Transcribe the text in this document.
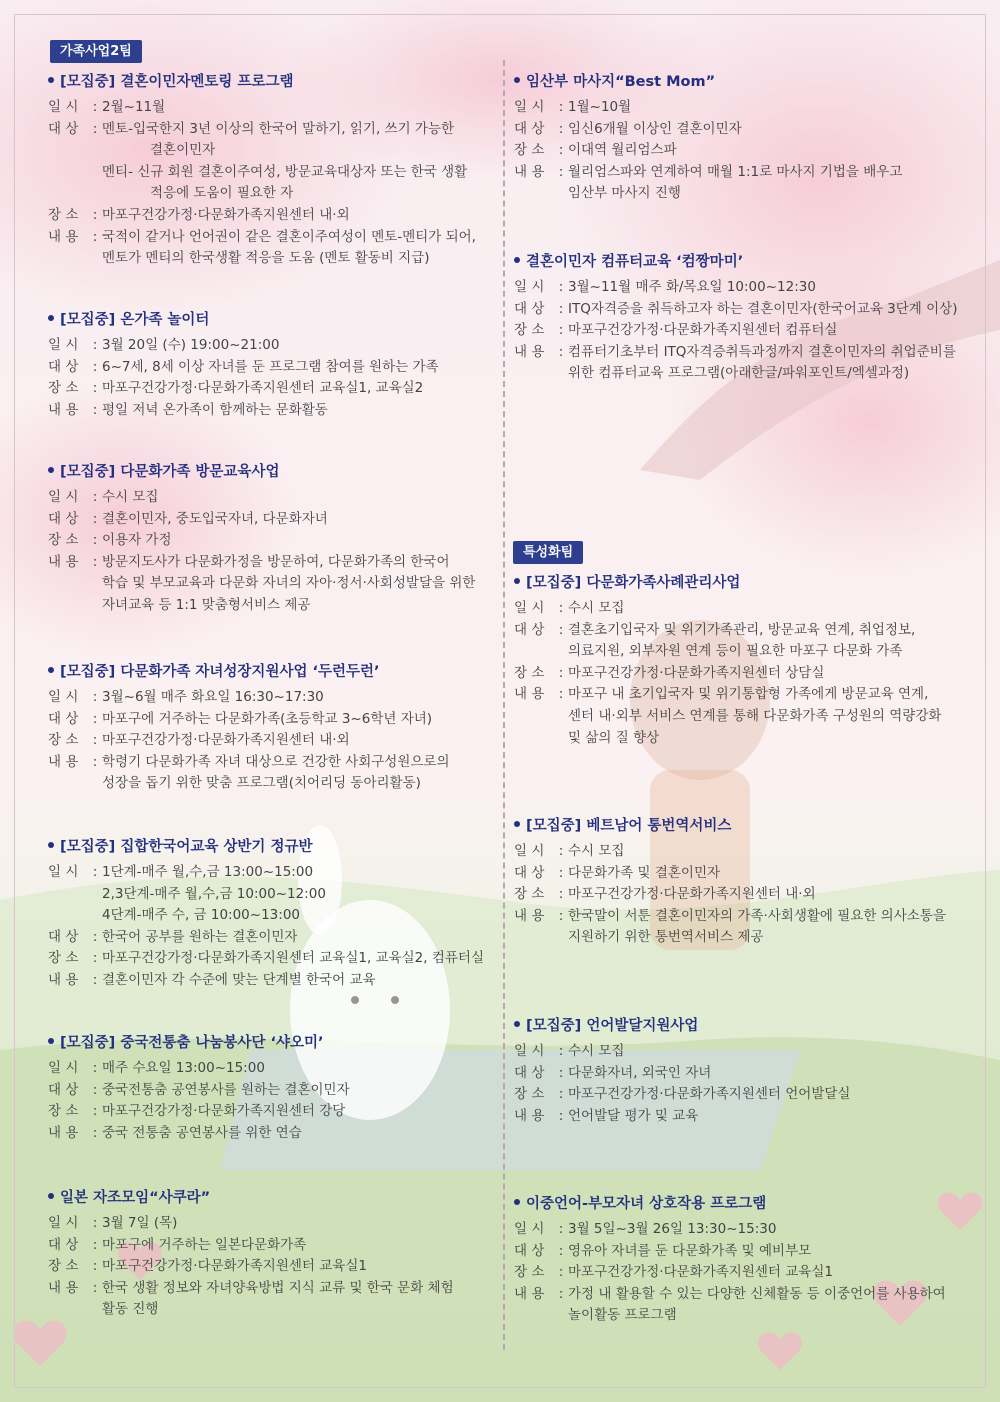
가족사업2팀
특성화팀
[모집중] 결혼이민자멘토링 프로그램
일 시	: 2월~11월
대 상	: 멘토-입국한지 3년 이상의 한국어 말하기, 읽기, 쓰기 가능한
결혼이민자
멘티- 신규 회원 결혼이주여성, 방문교육대상자 또는 한국 생활
적응에 도움이 필요한 자
장 소	: 마포구건강가정·다문화가족지원센터 내·외
내 용	: 국적이 같거나 언어권이 같은 결혼이주여성이 멘토-멘티가 되어,
멘토가 멘티의 한국생활 적응을 도움 (멘토 활동비 지급)
[모집중] 온가족 놀이터
일 시	: 3월 20일 (수) 19:00~21:00
대 상	: 6~7세, 8세 이상 자녀를 둔 프로그램 참여를 원하는 가족
장 소	: 마포구건강가정·다문화가족지원센터 교육실1, 교육실2
내 용	: 평일 저녁 온가족이 함께하는 문화활동
[모집중] 다문화가족 방문교육사업
일 시	: 수시 모집
대 상	: 결혼이민자, 중도입국자녀, 다문화자녀
장 소	: 이용자 가정
내 용	: 방문지도사가 다문화가정을 방문하여, 다문화가족의 한국어
학습 및 부모교육과 다문화 자녀의 자아·정서·사회성발달을 위한
자녀교육 등 1:1 맞춤형서비스 제공
[모집중] 다문화가족 자녀성장지원사업 ‘두런두런’
일 시	: 3월~6월 매주 화요일 16:30~17:30
대 상	: 마포구에 거주하는 다문화가족(초등학교 3~6학년 자녀)
장 소	: 마포구건강가정·다문화가족지원센터 내·외
내 용	: 학령기 다문화가족 자녀 대상으로 건강한 사회구성원으로의
성장을 돕기 위한 맞춤 프로그램(치어리딩 동아리활동)
[모집중] 집합한국어교육 상반기 정규반
일 시	: 1단계-매주 월,수,금 13:00~15:00
2,3단계-매주 월,수,금 10:00~12:00
4단계-매주 수, 금 10:00~13:00
대 상	: 한국어 공부를 원하는 결혼이민자
장 소	: 마포구건강가정·다문화가족지원센터 교육실1, 교육실2, 컴퓨터실
내 용	: 결혼이민자 각 수준에 맞는 단계별 한국어 교육
[모집중] 중국전통춤 나눔봉사단 ‘샤오미’
일 시	: 매주 수요일 13:00~15:00
대 상	: 중국전통춤 공연봉사를 원하는 결혼이민자
장 소	: 마포구건강가정·다문화가족지원센터 강당
내 용	: 중국 전통춤 공연봉사를 위한 연습
일본 자조모임“사쿠라”
일 시	: 3월 7일 (목)
대 상	: 마포구에 거주하는 일본다문화가족
장 소	: 마포구건강가정·다문화가족지원센터 교육실1
내 용	: 한국 생활 정보와 자녀양육방법 지식 교류 및 한국 문화 체험
활동 진행
임산부 마사지“Best Mom”
일 시	: 1월~10월
대 상	: 임신6개월 이상인 결혼이민자
장 소	: 이대역 월리엄스파
내 용	: 월리엄스파와 연계하여 매월 1:1로 마사지 기법을 배우고
임산부 마사지 진행
결혼이민자 컴퓨터교육 ‘컴짱마미’
일 시	: 3월~11월 매주 화/목요일 10:00~12:30
대 상	: ITQ자격증을 취득하고자 하는 결혼이민자(한국어교육 3단계 이상)
장 소	: 마포구건강가정·다문화가족지원센터 컴퓨터실
내 용	: 컴퓨터기초부터 ITQ자격증취득과정까지 결혼이민자의 취업준비를
위한 컴퓨터교육 프로그램(아래한글/파워포인트/엑셀과정)
[모집중] 다문화가족사례관리사업
일 시	: 수시 모집
대 상	: 결혼초기입국자 및 위기가족관리, 방문교육 연계, 취업정보,
의료지원, 외부자원 연계 등이 필요한 마포구 다문화 가족
장 소	: 마포구건강가정·다문화가족지원센터 상담실
내 용	: 마포구 내 초기입국자 및 위기통합형 가족에게 방문교육 연계,
센터 내·외부 서비스 연계를 통해 다문화가족 구성원의 역량강화
및 삶의 질 향상
[모집중] 베트남어 통번역서비스
일 시	: 수시 모집
대 상	: 다문화가족 및 결혼이민자
장 소	: 마포구건강가정·다문화가족지원센터 내·외
내 용	: 한국말이 서툰 결혼이민자의 가족·사회생활에 필요한 의사소통을
지원하기 위한 통번역서비스 제공
[모집중] 언어발달지원사업
일 시	: 수시 모집
대 상	: 다문화자녀, 외국인 자녀
장 소	: 마포구건강가정·다문화가족지원센터 언어발달실
내 용	: 언어발달 평가 및 교육
이중언어-부모자녀 상호작용 프로그램
일 시	: 3월 5일~3월 26일 13:30~15:30
대 상	: 영유아 자녀를 둔 다문화가족 및 예비부모
장 소	: 마포구건강가정·다문화가족지원센터 교육실1
내 용	: 가정 내 활용할 수 있는 다양한 신체활동 등 이중언어를 사용하여
놀이활동 프로그램
